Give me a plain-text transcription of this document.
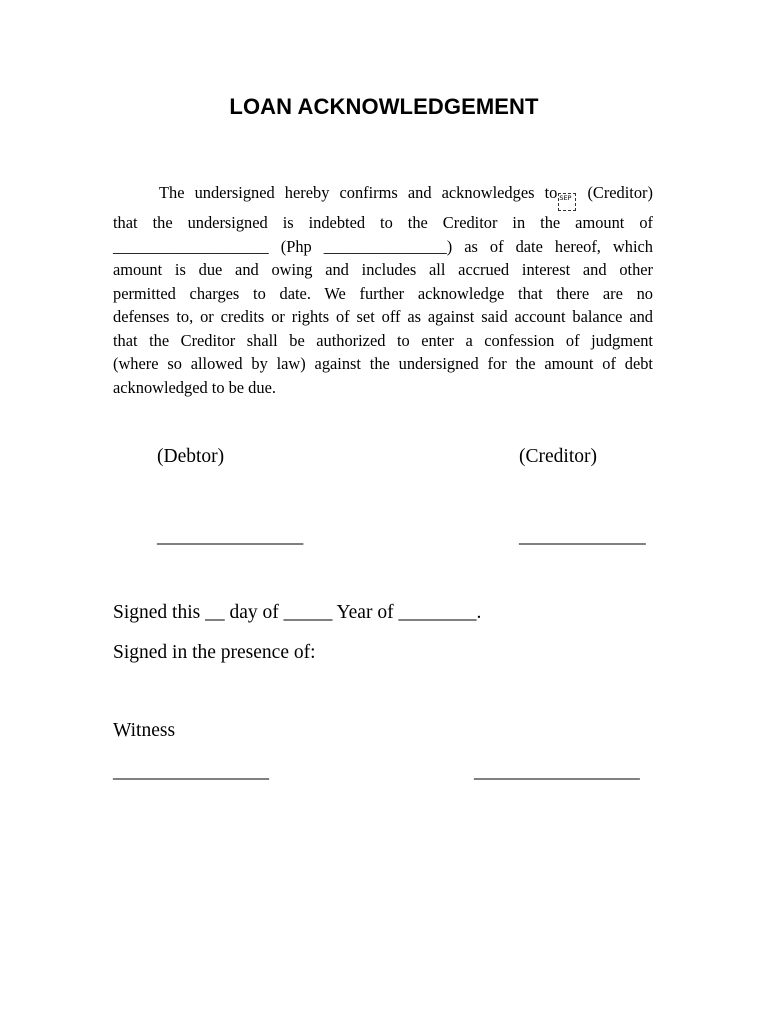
LOAN ACKNOWLEDGEMENT
The undersigned hereby confirms and acknowledges to SEP (Creditor)
that the undersigned is indebted to the Creditor in the amount of
___________________ (Php _______________) as of date hereof, which
amount is due and owing and includes all accrued interest and other
permitted charges to date. We further acknowledge that there are no
defenses to, or credits or rights of set off as against said account balance and
that the Creditor shall be authorized to enter a confession of judgment
(where so allowed by law) against the undersigned for the amount of debt
acknowledged to be due.
(Debtor)	(Creditor)
_______________	_____________
Signed this __ day of _____ Year of ________.
Signed in the presence of:
Witness
________________	_________________
